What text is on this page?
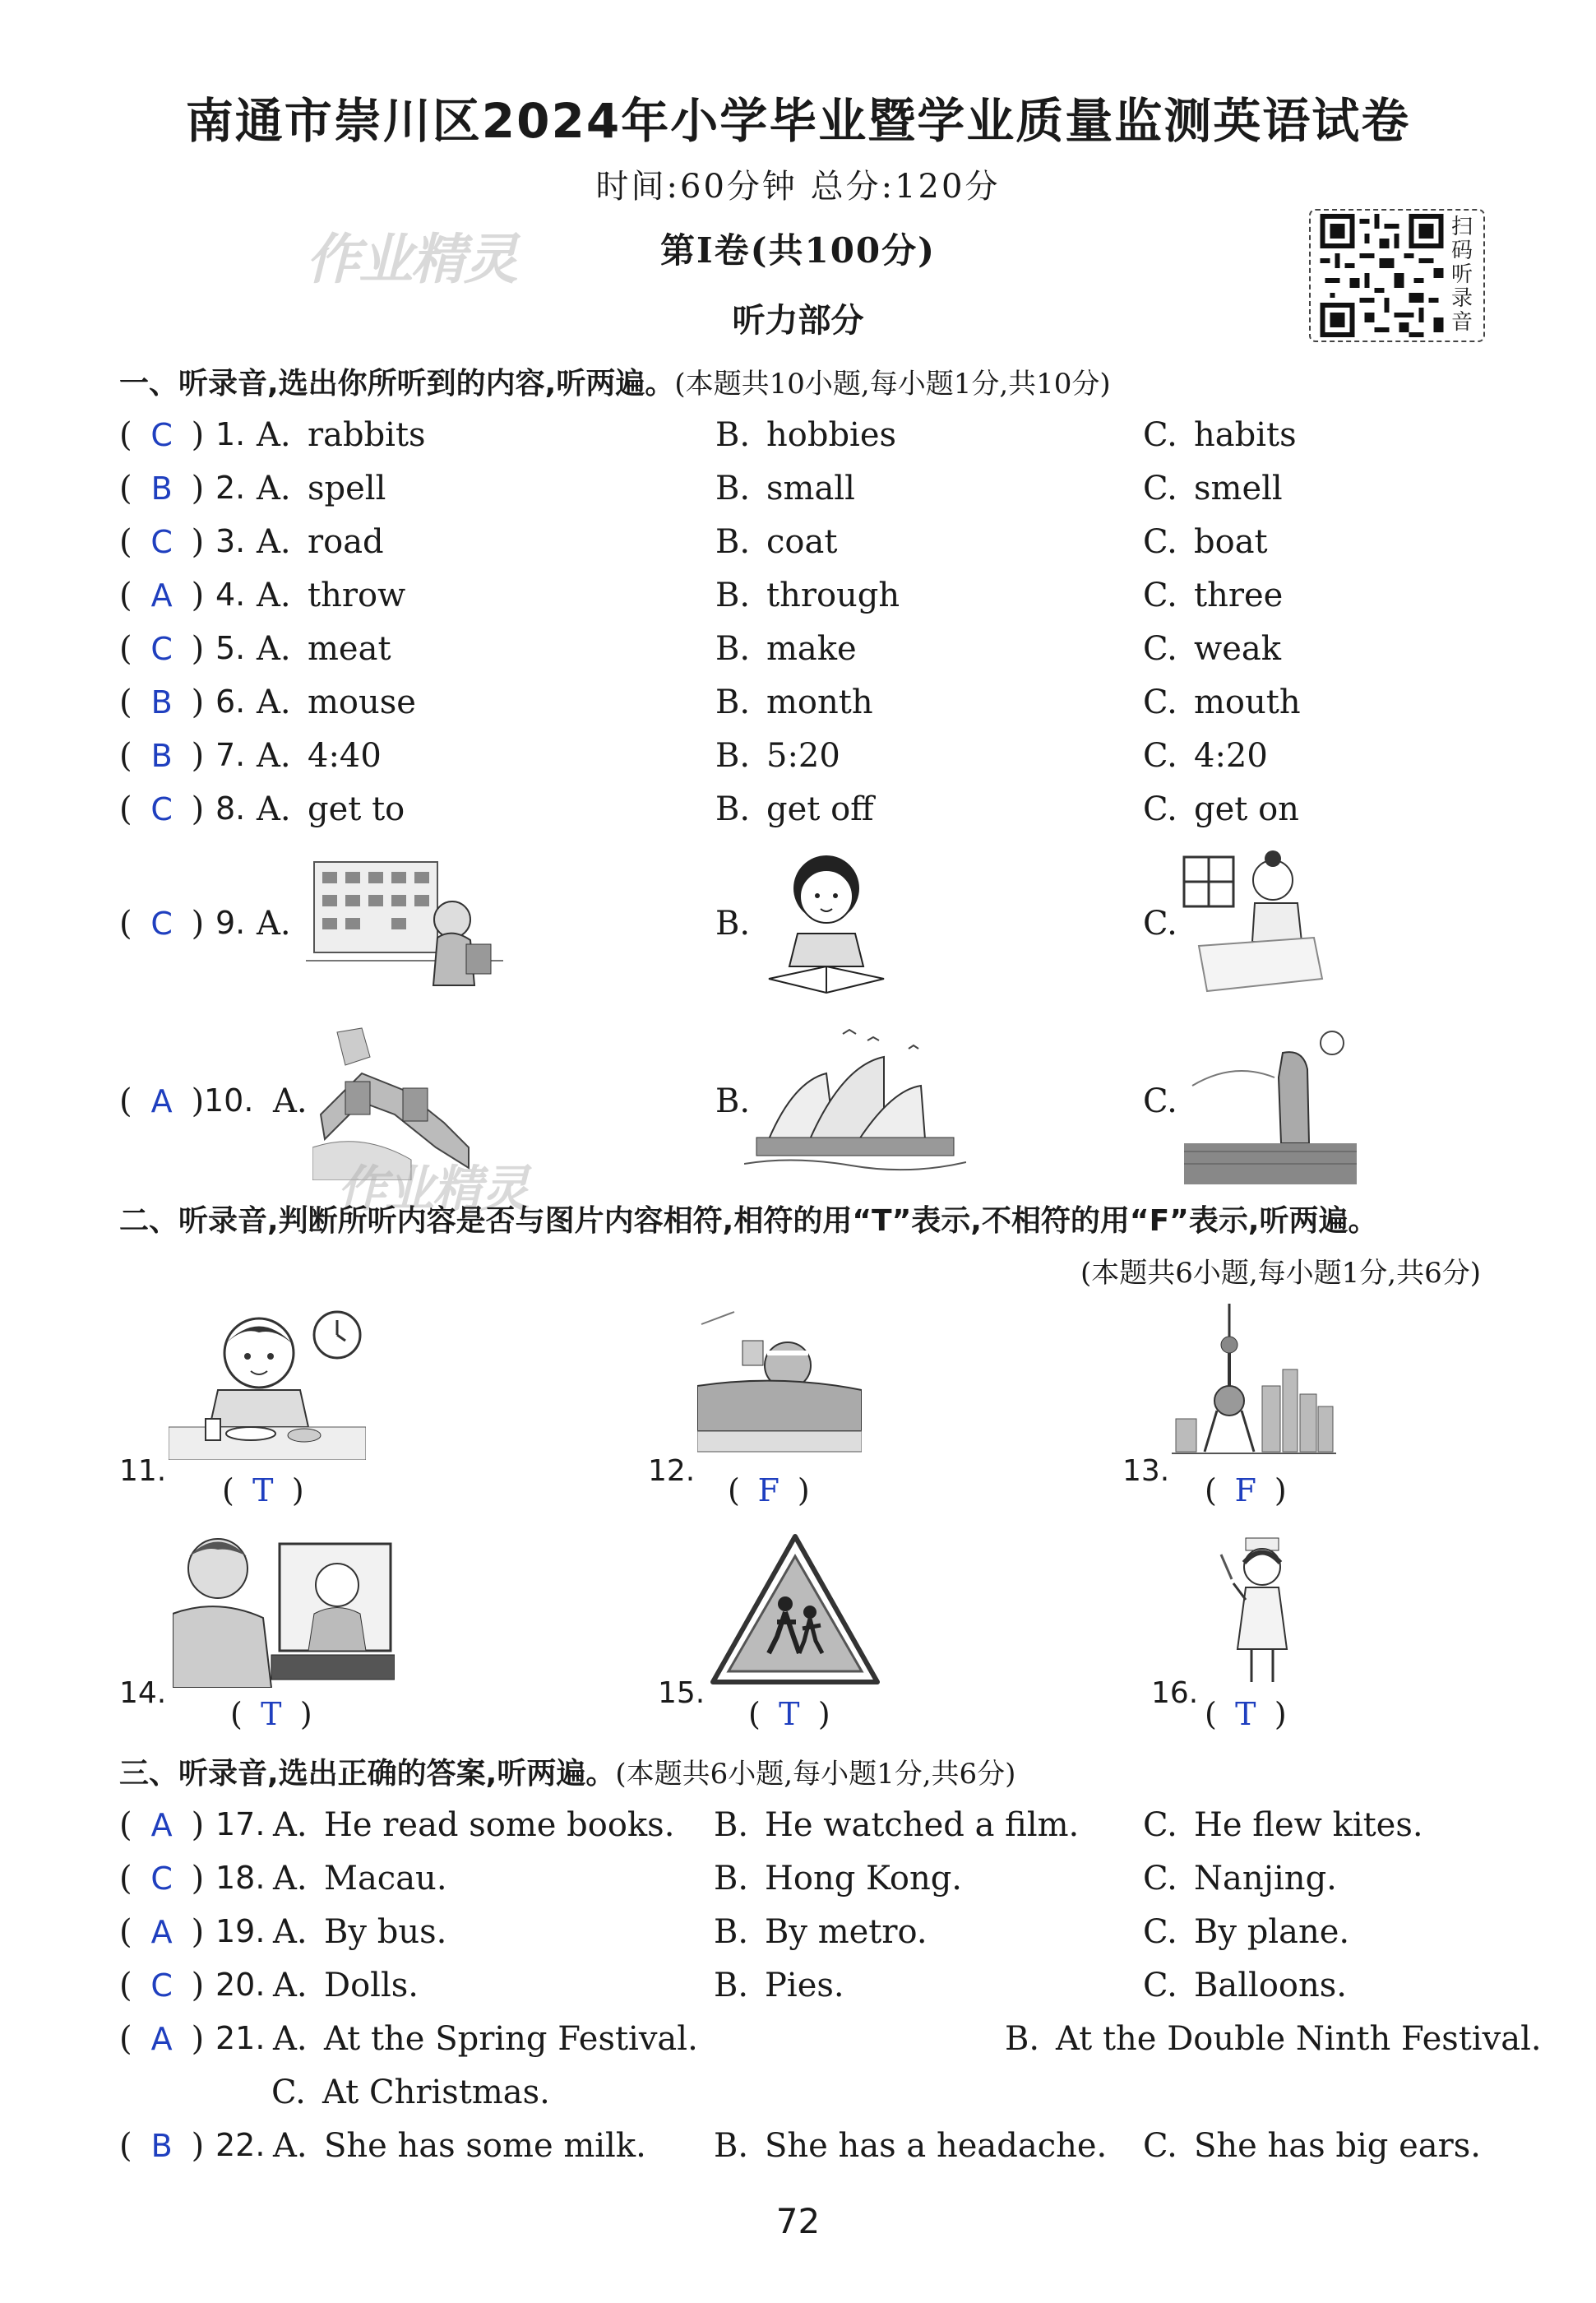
南通市崇川区2024年小学毕业暨学业质量监测英语试卷
时间:60分钟 总分:120分
作业精灵	第Ⅰ卷(共100分)
听力部分
扫
码
听
录
音
一、听录音,选出你所听到的内容,听两遍。(本题共10小题,每小题1分,共10分)
( C ) 1. A. rabbits	B. hobbies	C. habits
( B ) 2. A. spell	B. small	C. smell
( C ) 3. A. road	B. coat	C. boat
( A ) 4. A. throw	B. through	C. three
( C ) 5. A. meat	B. make	C. weak
( B ) 6. A. mouse	B. month	C. mouth
( B ) 7. A. 4:40	B. 5:20	C. 4:20
( C ) 8. A. get to	B. get off	C. get on
( C ) 9. A.	B.	C.
( A ) 10. A.	B.	C.
作业精灵
二、听录音,判断所听内容是否与图片内容相符,相符的用“T”表示,不相符的用“F”表示,听两遍。
(本题共6小题,每小题1分,共6分)
11.
( T )
12.
( F )
13.
( F )
14.
( T )
15.
( T )
16.
( T )
三、听录音,选出正确的答案,听两遍。(本题共6小题,每小题1分,共6分)
( A ) 17. A. He read some books. B. He watched a film. C. He flew kites.
( C ) 18. A. Macau.	B. Hong Kong.	C. Nanjing.
( A ) 19. A. By bus.	B. By metro.	C. By plane.
( C ) 20. A. Dolls.	B. Pies.	C. Balloons.
( A ) 21. A. At the Spring Festival.	B. At the Double Ninth Festival.
C. At Christmas.
( B ) 22. A. She has some milk. B. She has a headache. C. She has big ears.
72
